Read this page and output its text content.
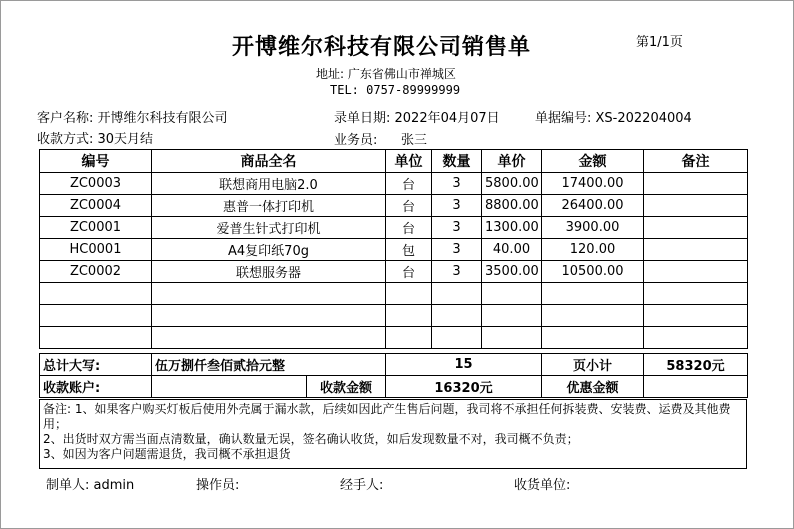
开博维尔科技有限公司销售单	第1/1页
地址: 广东省佛山市禅城区
TEL: 0757-89999999
客户名称: 开博维尔科技有限公司	录单日期: 2022年04月07日	单据编号: XS-202204004
收款方式: 30天月结	业务员: 张三
编号	商品全名	单位	数量	单价	金额	备注
ZC0003	联想商用电脑2.0	台	3	5800.00	17400.00	
ZC0004	惠普一体打印机	台	3	8800.00	26400.00	
ZC0001	爱普生针式打印机	台	3	1300.00	3900.00	
HC0001	A4复印纸70g	包	3	40.00	120.00	
ZC0002	联想服务器	台	3	3500.00	10500.00	

总计大写:	伍万捌仟叁佰贰拾元整		15	页小计	58320元
收款账户:		收款金额	16320元	优惠金额	
备注: 1、如果客户购买灯板后使用外壳属于漏水款，后续如因此产生售后问题，我司将不承担任何拆装费、安装费、运费及其他费用；
2、出货时双方需当面点清数量，确认数量无误，签名确认收货，如后发现数量不对，我司概不负责；
3、如因为客户问题需退货，我司概不承担退货
制单人: admin	操作员:	经手人:	收货单位:
